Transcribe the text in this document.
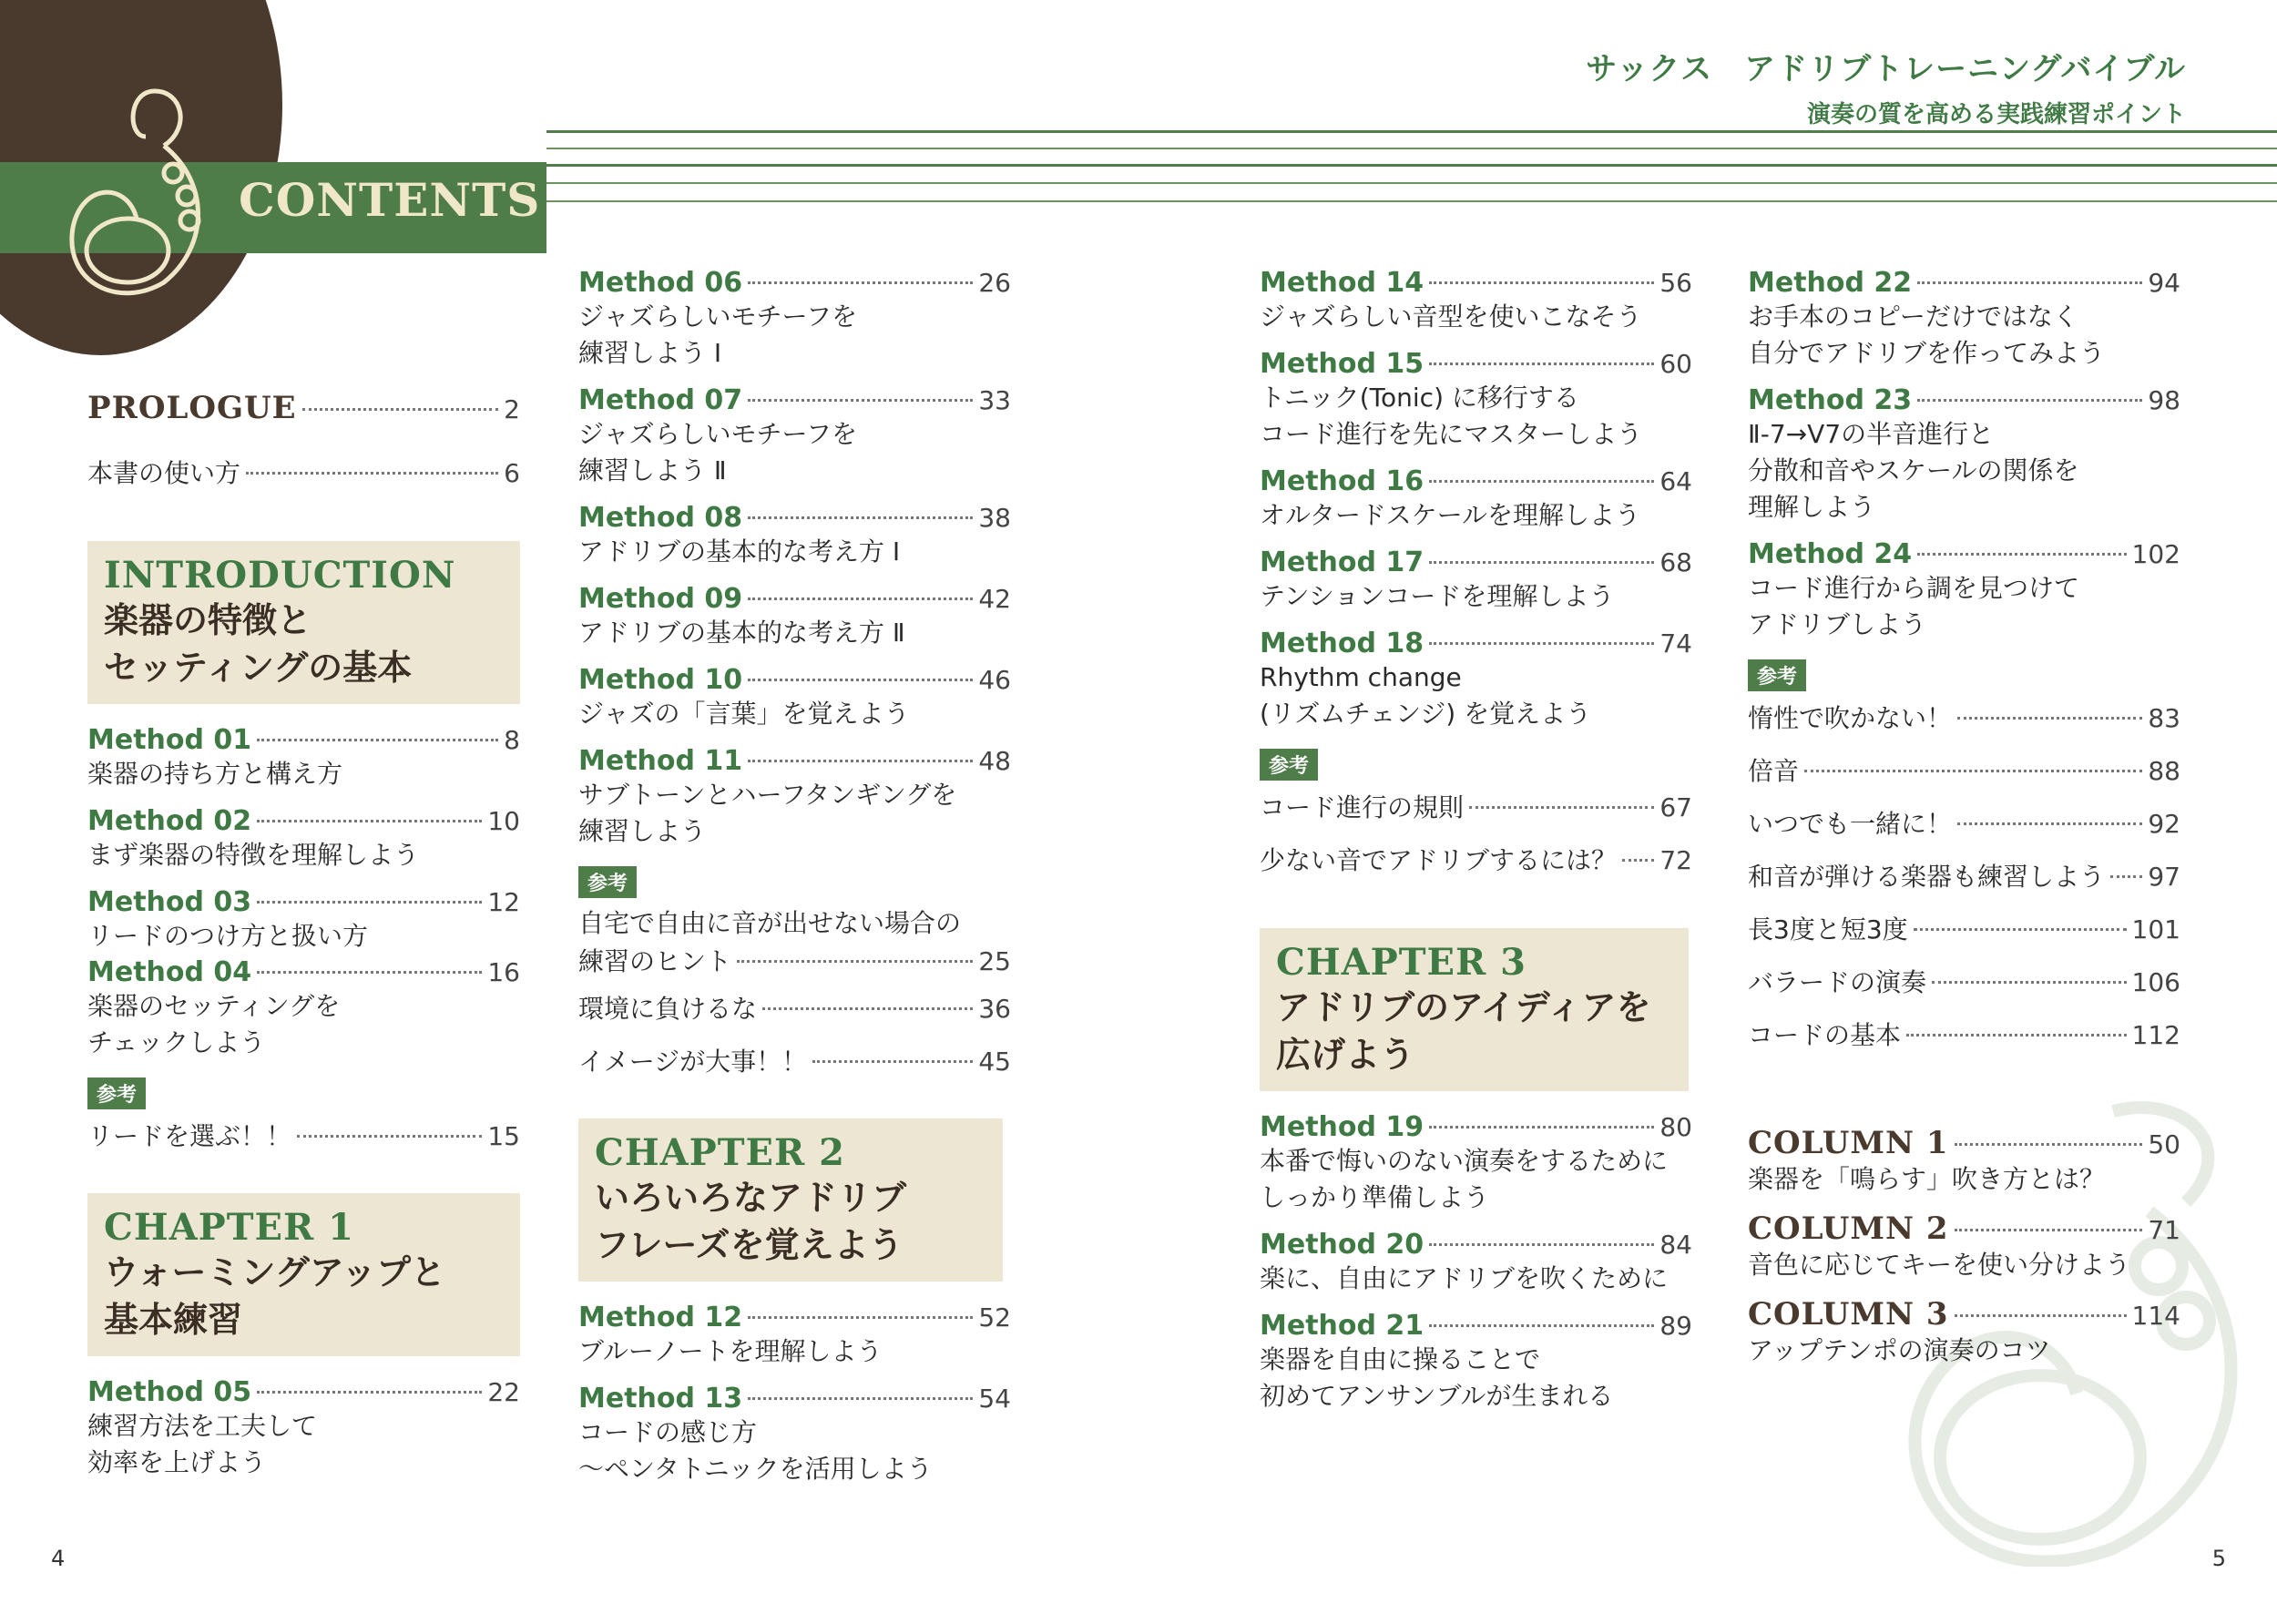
CONTENTS
サックス　アドリブトレーニングバイブル
演奏の質を高める実践練習ポイント
PROLOGUE	2
本書の使い方	6
INTRODUCTION
楽器の特徴と
セッティングの基本
Method 01	8
楽器の持ち方と構え方
Method 02	10
まず楽器の特徴を理解しよう
Method 03	12
リードのつけ方と扱い方
Method 04	16
楽器のセッティングを
チェックしよう
参考
リードを選ぶ！！	15
CHAPTER 1
ウォーミングアップと
基本練習
Method 05	22
練習方法を工夫して
効率を上げよう
Method 06	26
ジャズらしいモチーフを
練習しよう Ⅰ
Method 07	33
ジャズらしいモチーフを
練習しよう Ⅱ
Method 08	38
アドリブの基本的な考え方 Ⅰ
Method 09	42
アドリブの基本的な考え方 Ⅱ
Method 10	46
ジャズの「言葉」を覚えよう
Method 11	48
サブトーンとハーフタンギングを
練習しよう
参考
自宅で自由に音が出せない場合の
練習のヒント	25
環境に負けるな	36
イメージが大事！！	45
CHAPTER 2
いろいろなアドリブ
フレーズを覚えよう
Method 12	52
ブルーノートを理解しよう
Method 13	54
コードの感じ方
～ペンタトニックを活用しよう
Method 14	56
ジャズらしい音型を使いこなそう
Method 15	60
トニック(Tonic) に移行する
コード進行を先にマスターしよう
Method 16	64
オルタードスケールを理解しよう
Method 17	68
テンションコードを理解しよう
Method 18	74
Rhythm change
(リズムチェンジ) を覚えよう
参考
コード進行の規則	67
少ない音でアドリブするには？ 72
CHAPTER 3
アドリブのアイディアを
広げよう
Method 19	80
本番で悔いのない演奏をするために
しっかり準備しよう
Method 20	84
楽に、自由にアドリブを吹くために
Method 21	89
楽器を自由に操ることで
初めてアンサンブルが生まれる
Method 22	94
お手本のコピーだけではなく
自分でアドリブを作ってみよう
Method 23	98
Ⅱ-7→V7の半音進行と
分散和音やスケールの関係を
理解しよう
Method 24	102
コード進行から調を見つけて
アドリブしよう
参考
惰性で吹かない！	83
倍音	88
いつでも一緒に！	92
和音が弾ける楽器も練習しよう 97
長3度と短3度	101
バラードの演奏	106
コードの基本	112
COLUMN 1	50
楽器を「鳴らす」吹き方とは？
COLUMN 2	71
音色に応じてキーを使い分けよう
COLUMN 3	114
アップテンポの演奏のコツ
4	5
